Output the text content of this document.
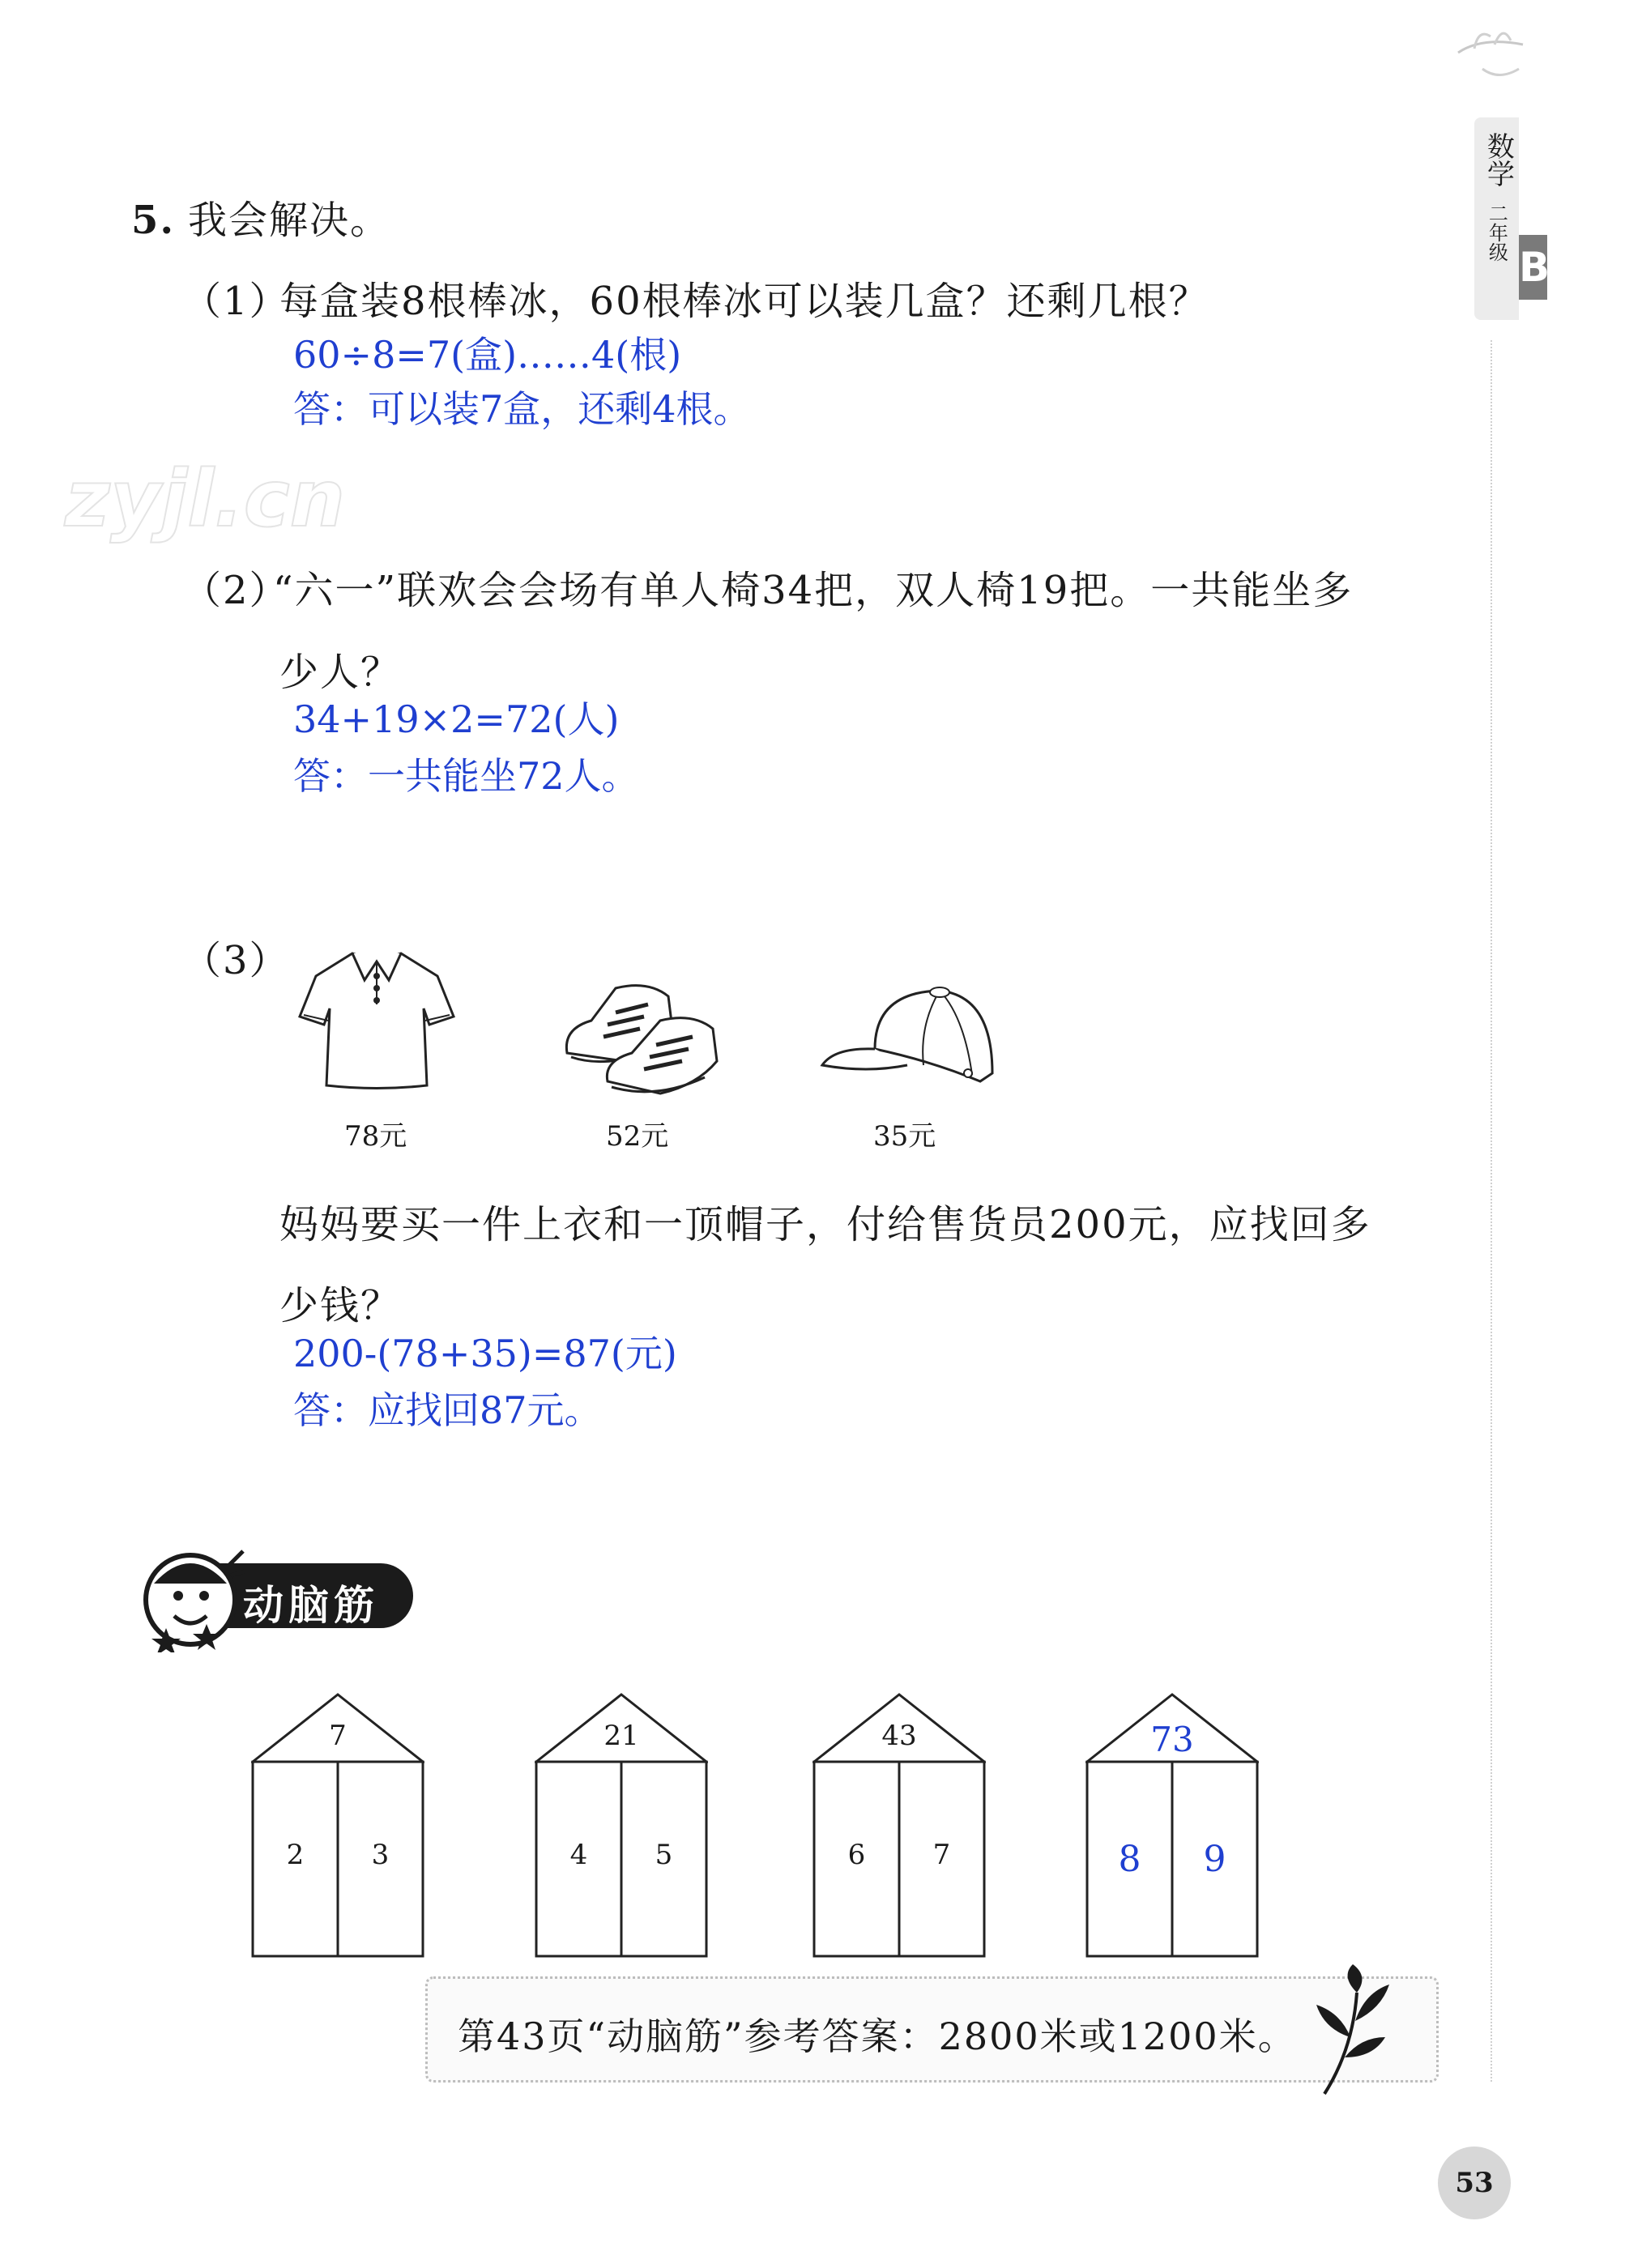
数学
二年级
B
zyjl.cn
5. 我会解决。
（1）
每盒装8根棒冰，60根棒冰可以装几盒？还剩几根？
60÷8=7(盒)……4(根)
答：可以装7盒，还剩4根。
（2）
“六一”联欢会会场有单人椅34把，双人椅19把。一共能坐多
少人？
34+19×2=72(人)
答：一共能坐72人。
（3）
78元	52元	35元
妈妈要买一件上衣和一顶帽子，付给售货员200元，应找回多
少钱？
200-(78+35)=87(元)
答：应找回87元。
动脑筋
7
2	3
21
4	5
43
6	7
73
8	9
第43页“动脑筋”参考答案：2800米或1200米。
53
